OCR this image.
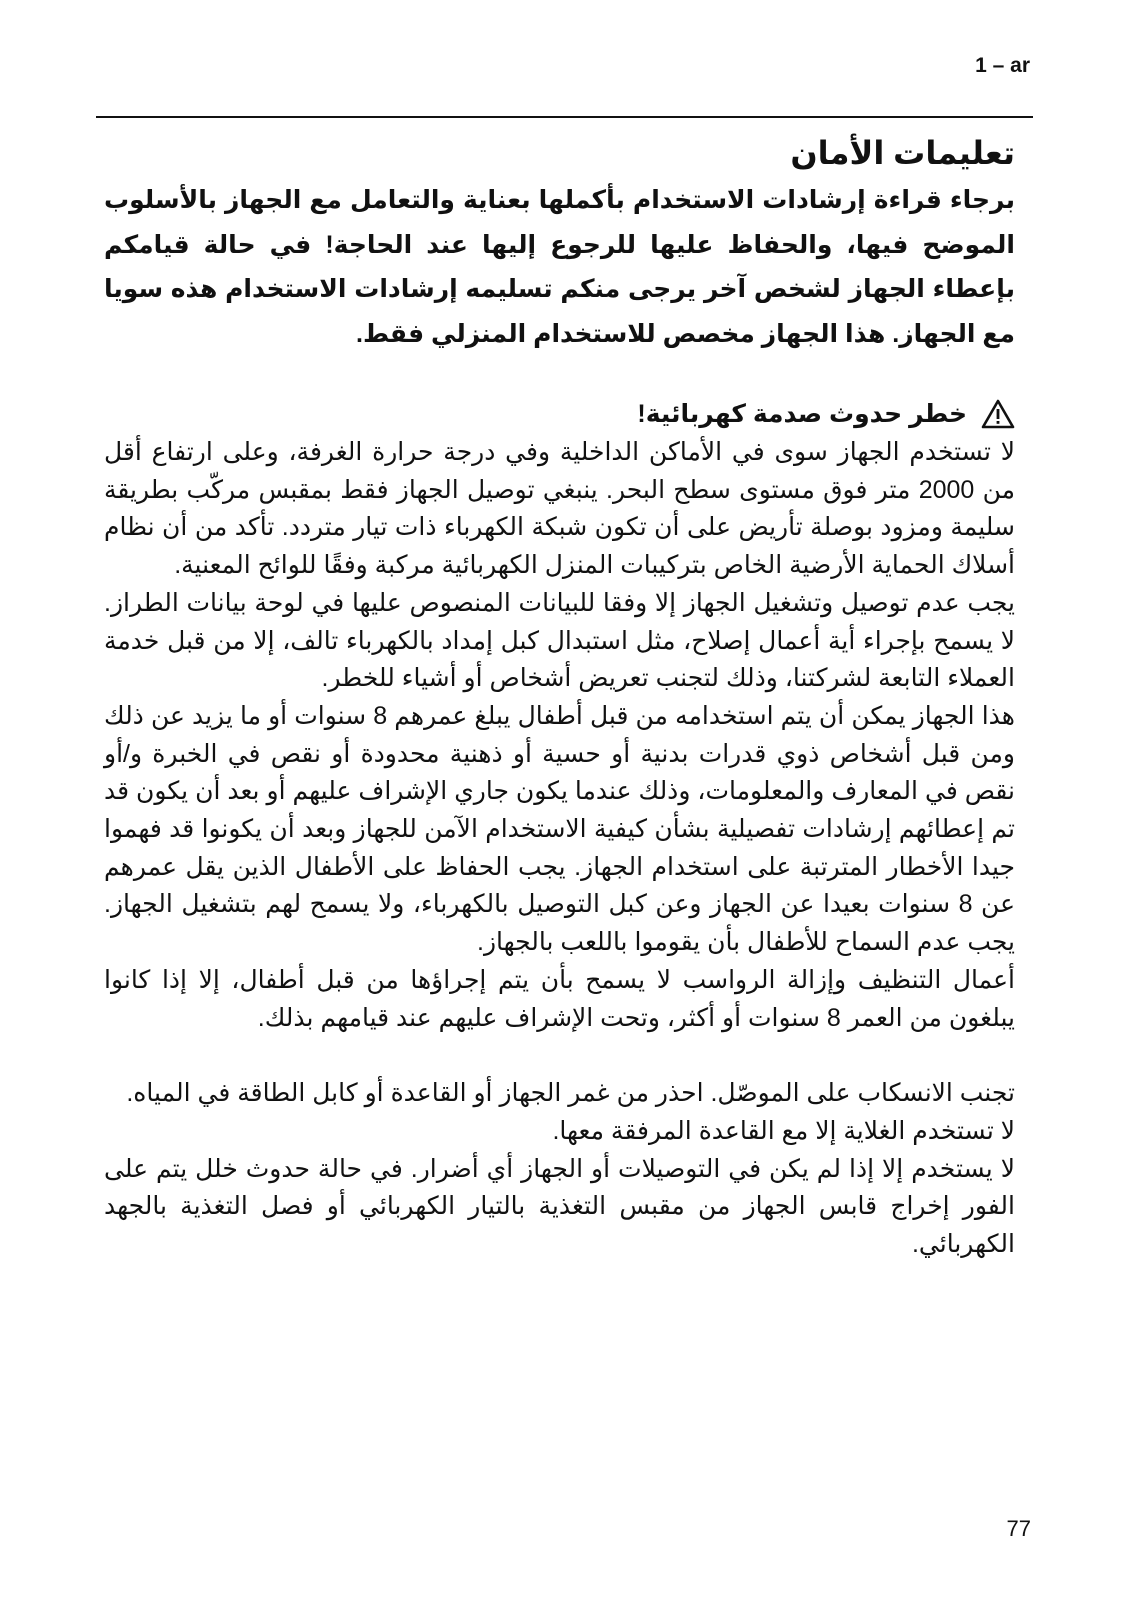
1 – ar
تعليمات الأمان

برجاء قراءة إرشادات الاستخدام بأكملها بعناية والتعامل مع الجهاز بالأسلوب الموضح فيها، والحفاظ عليها للرجوع إليها عند الحاجة! في حالة قيامكم بإعطاء الجهاز لشخص آخر يرجى منكم تسليمه إرشادات الاستخدام هذه سويا مع الجهاز. هذا الجهاز مخصص للاستخدام المنزلي فقط.

خطر حدوث صدمة كهربائية!

لا تستخدم الجهاز سوى في الأماكن الداخلية وفي درجة حرارة الغرفة، وعلى ارتفاع أقل من 2000 متر فوق مستوى سطح البحر. ينبغي توصيل الجهاز فقط بمقبس مركّب بطريقة سليمة ومزود بوصلة تأريض على أن تكون شبكة الكهرباء ذات تيار متردد. تأكد من أن نظام أسلاك الحماية الأرضية الخاص بتركيبات المنزل الكهربائية مركبة وفقًا للوائح المعنية.

يجب عدم توصيل وتشغيل الجهاز إلا وفقا للبيانات المنصوص عليها في لوحة بيانات الطراز. لا يسمح بإجراء أية أعمال إصلاح، مثل استبدال كبل إمداد بالكهرباء تالف، إلا من قبل خدمة العملاء التابعة لشركتنا، وذلك لتجنب تعريض أشخاص أو أشياء للخطر.

هذا الجهاز يمكن أن يتم استخدامه من قبل أطفال يبلغ عمرهم 8 سنوات أو ما يزيد عن ذلك ومن قبل أشخاص ذوي قدرات بدنية أو حسية أو ذهنية محدودة أو نقص في الخبرة و/أو نقص في المعارف والمعلومات، وذلك عندما يكون جاري الإشراف عليهم أو بعد أن يكون قد تم إعطائهم إرشادات تفصيلية بشأن كيفية الاستخدام الآمن للجهاز وبعد أن يكونوا قد فهموا جيدا الأخطار المترتبة على استخدام الجهاز. يجب الحفاظ على الأطفال الذين يقل عمرهم عن 8 سنوات بعيدا عن الجهاز وعن كبل التوصيل بالكهرباء، ولا يسمح لهم بتشغيل الجهاز. يجب عدم السماح للأطفال بأن يقوموا باللعب بالجهاز.

أعمال التنظيف وإزالة الرواسب لا يسمح بأن يتم إجراؤها من قبل أطفال، إلا إذا كانوا يبلغون من العمر 8 سنوات أو أكثر، وتحت الإشراف عليهم عند قيامهم بذلك.

تجنب الانسكاب على الموصّل. احذر من غمر الجهاز أو القاعدة أو كابل الطاقة في المياه.

لا تستخدم الغلاية إلا مع القاعدة المرفقة معها.

لا يستخدم إلا إذا لم يكن في التوصيلات أو الجهاز أي أضرار. في حالة حدوث خلل يتم على الفور إخراج قابس الجهاز من مقبس التغذية بالتيار الكهربائي أو فصل التغذية بالجهد الكهربائي.

77
